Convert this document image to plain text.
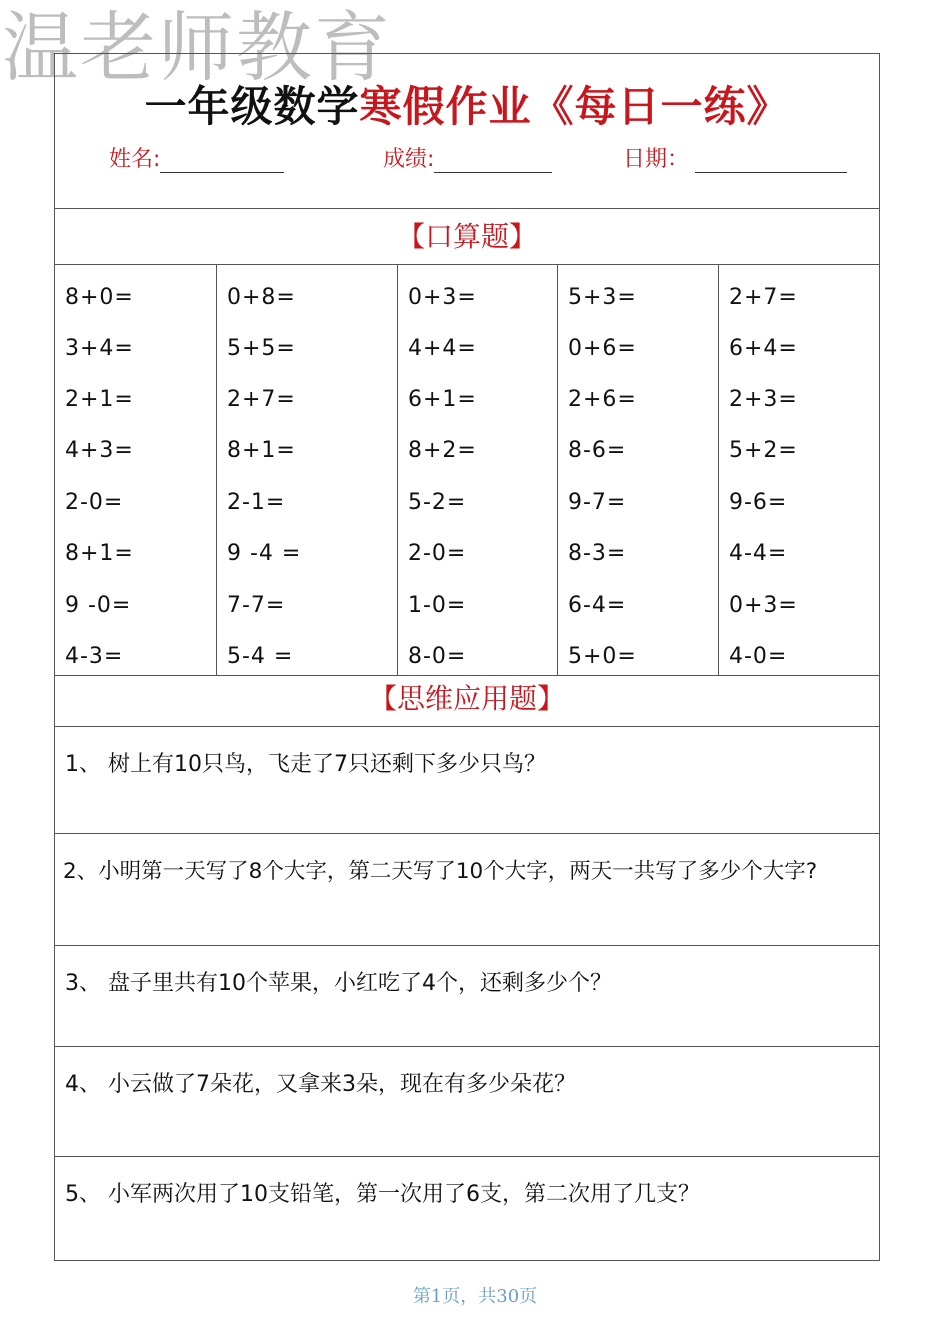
温老师教育
一年级数学寒假作业《每日一练》
姓名:	成绩:	日期：
【口算题】
8+0=
3+4=
2+1=
4+3=
2-0=
8+1=
9 -0=
4-3=
0+8=
5+5=
2+7=
8+1=
2-1=
9 -4 =
7-7=
5-4 =
0+3=
4+4=
6+1=
8+2=
5-2=
2-0=
1-0=
8-0=
5+3=
0+6=
2+6=
8-6=
9-7=
8-3=
6-4=
5+0=
2+7=
6+4=
2+3=
5+2=
9-6=
4-4=
0+3=
4-0=
【思维应用题】
1、 树上有10只鸟，飞走了7只还剩下多少只鸟？
2、小明第一天写了8个大字，第二天写了10个大字，两天一共写了多少个大字?
3、 盘子里共有10个苹果，小红吃了4个，还剩多少个？
4、 小云做了7朵花，又拿来3朵，现在有多少朵花？
5、 小军两次用了10支铅笔，第一次用了6支，第二次用了几支？
第1页，共30页
